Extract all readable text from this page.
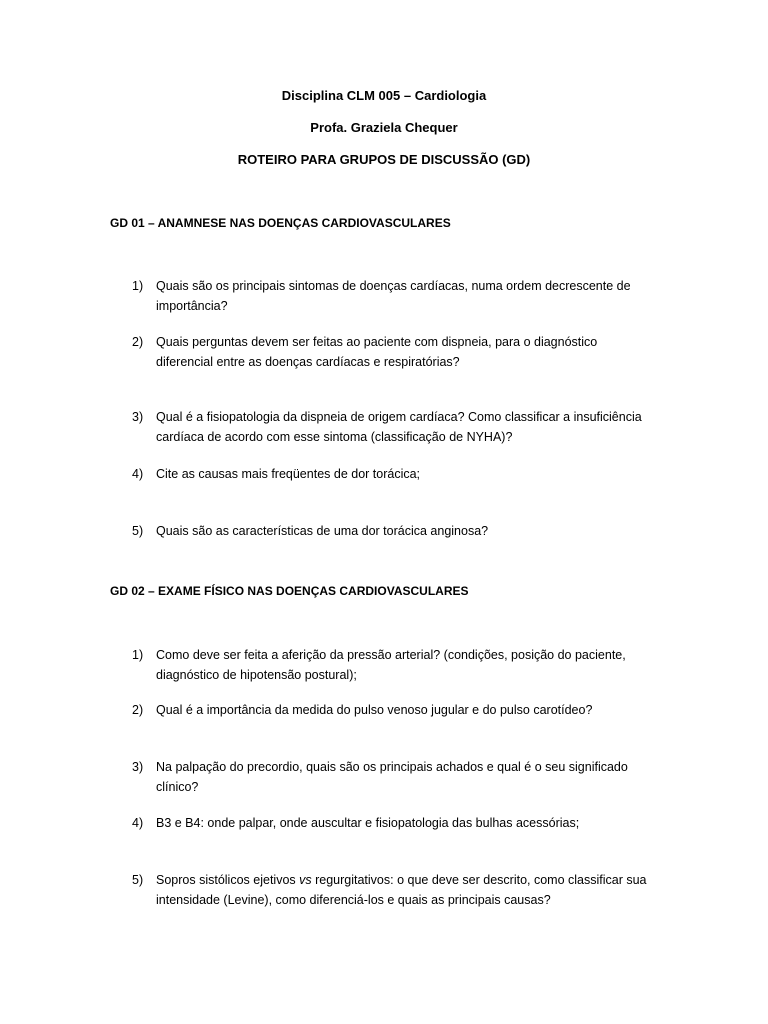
Disciplina CLM 005 – Cardiologia
Profa. Graziela Chequer
ROTEIRO PARA GRUPOS DE DISCUSSÃO (GD)
GD 01 – ANAMNESE NAS DOENÇAS CARDIOVASCULARES
1) Quais são os principais sintomas de doenças cardíacas, numa ordem decrescente de importância?
2) Quais perguntas devem ser feitas ao paciente com dispneia, para o diagnóstico diferencial entre as doenças cardíacas e respiratórias?
3) Qual é a fisiopatologia da dispneia de origem cardíaca? Como classificar a insuficiência cardíaca de acordo com esse sintoma (classificação de NYHA)?
4) Cite as causas mais freqüentes de dor torácica;
5) Quais são as características de uma dor torácica anginosa?
GD 02 – EXAME FÍSICO NAS DOENÇAS CARDIOVASCULARES
1) Como deve ser feita a aferição da pressão arterial? (condições, posição do paciente, diagnóstico de hipotensão postural);
2) Qual é a importância da medida do pulso venoso jugular e do pulso carotídeo?
3) Na palpação do precordio, quais são os principais achados e qual é o seu significado clínico?
4) B3 e B4: onde palpar, onde auscultar e fisiopatologia das bulhas acessórias;
5) Sopros sistólicos ejetivos vs regurgitativos: o que deve ser descrito, como classificar sua intensidade (Levine), como diferenciá-los e quais as principais causas?
